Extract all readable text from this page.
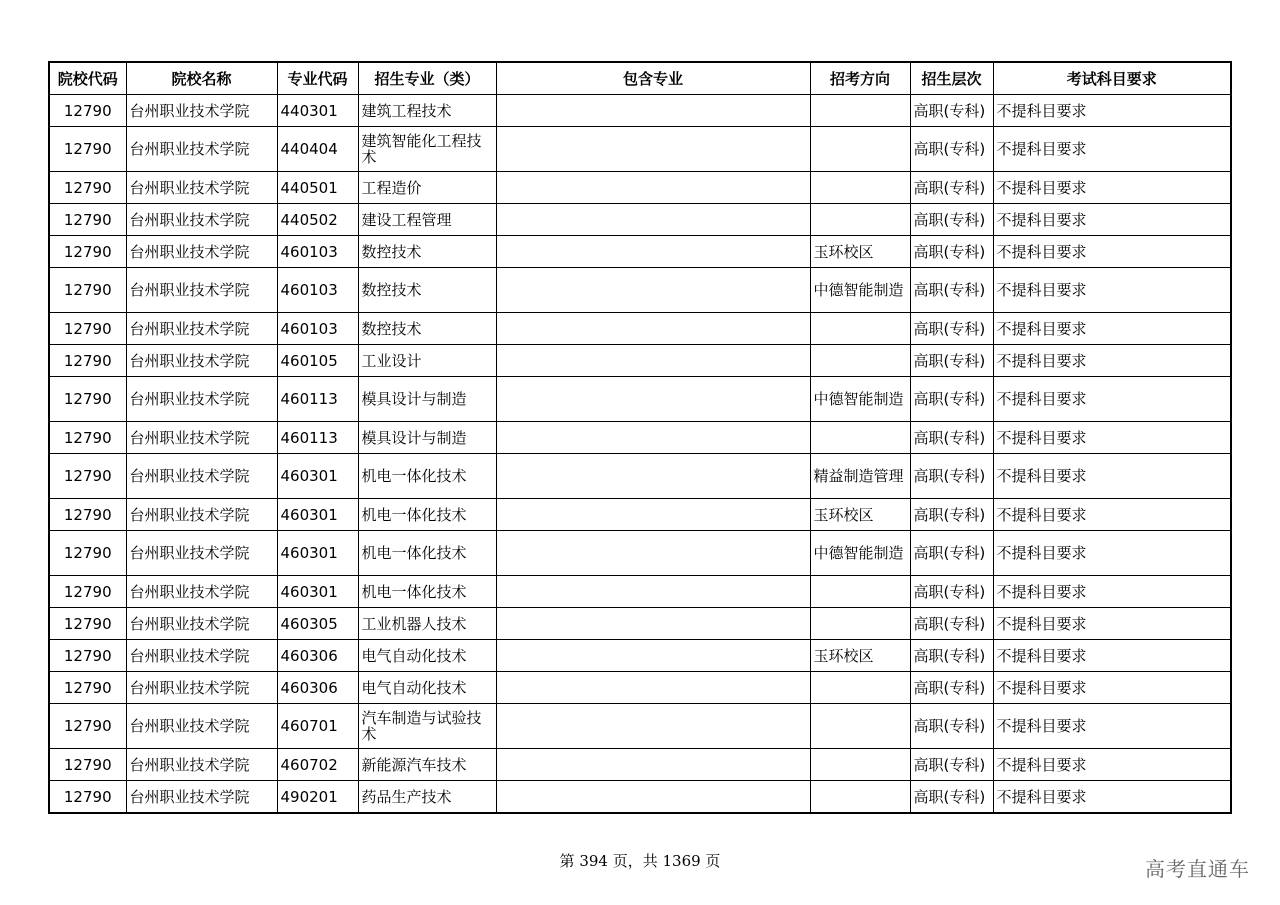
院校代码	院校名称	专业代码	招生专业（类）	包含专业	招考方向	招生层次	考试科目要求
12790	台州职业技术学院	440301	建筑工程技术			高职(专科)	不提科目要求
12790	台州职业技术学院	440404	建筑智能化工程技术			高职(专科)	不提科目要求
12790	台州职业技术学院	440501	工程造价			高职(专科)	不提科目要求
12790	台州职业技术学院	440502	建设工程管理			高职(专科)	不提科目要求
12790	台州职业技术学院	460103	数控技术		玉环校区	高职(专科)	不提科目要求
12790	台州职业技术学院	460103	数控技术		中德智能制造	高职(专科)	不提科目要求
12790	台州职业技术学院	460103	数控技术			高职(专科)	不提科目要求
12790	台州职业技术学院	460105	工业设计			高职(专科)	不提科目要求
12790	台州职业技术学院	460113	模具设计与制造		中德智能制造	高职(专科)	不提科目要求
12790	台州职业技术学院	460113	模具设计与制造			高职(专科)	不提科目要求
12790	台州职业技术学院	460301	机电一体化技术		精益制造管理	高职(专科)	不提科目要求
12790	台州职业技术学院	460301	机电一体化技术		玉环校区	高职(专科)	不提科目要求
12790	台州职业技术学院	460301	机电一体化技术		中德智能制造	高职(专科)	不提科目要求
12790	台州职业技术学院	460301	机电一体化技术			高职(专科)	不提科目要求
12790	台州职业技术学院	460305	工业机器人技术			高职(专科)	不提科目要求
12790	台州职业技术学院	460306	电气自动化技术		玉环校区	高职(专科)	不提科目要求
12790	台州职业技术学院	460306	电气自动化技术			高职(专科)	不提科目要求
12790	台州职业技术学院	460701	汽车制造与试验技术			高职(专科)	不提科目要求
12790	台州职业技术学院	460702	新能源汽车技术			高职(专科)	不提科目要求
12790	台州职业技术学院	490201	药品生产技术			高职(专科)	不提科目要求
第 394 页，共 1369 页	高考直通车
